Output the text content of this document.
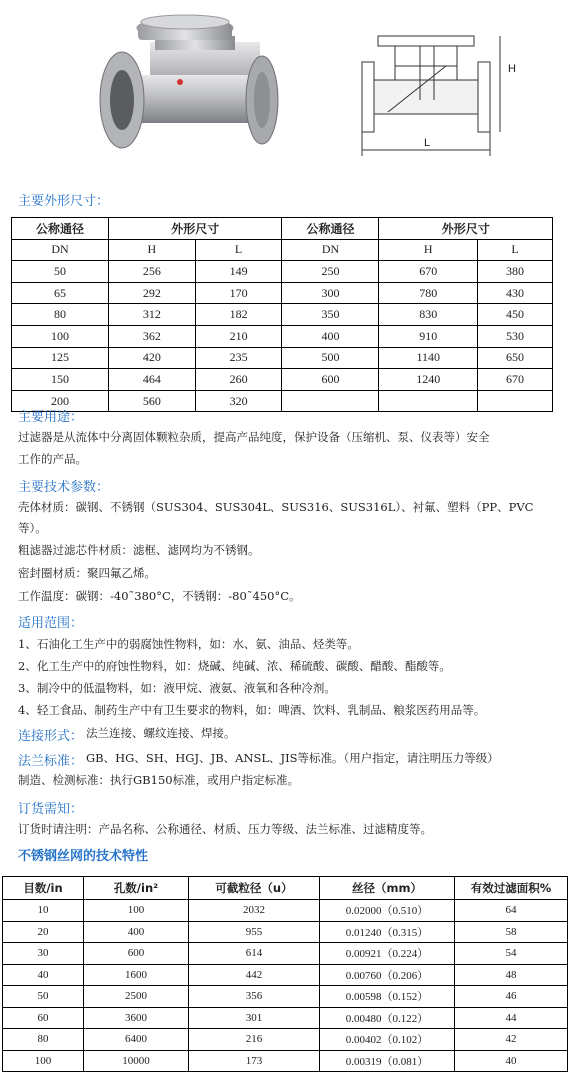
H
L
主要外形尺寸：
公称通径	外形尺寸		公称通径	外形尺寸	
DN	H	L	DN	H	L
50	256	149	250	670	380
65	292	170	300	780	430
80	312	182	350	830	450
100	362	210	400	910	530
125	420	235	500	1140	650
150	464	260	600	1240	670
200	560	320			
主要用途：
过滤器是从流体中分离固体颗粒杂质，提高产品纯度，保护设备（压缩机、泵、仪表等）安全
工作的产品。
主要技术参数：
壳体材质：碳钢、不锈钢（SUS304、SUS304L、SUS316、SUS316L）、衬氟、塑料（PP、PVC
等）。
粗滤器过滤芯件材质：滤框、滤网均为不锈钢。
密封圈材质：聚四氟乙烯。
工作温度：碳钢：-40˜380°C，不锈钢：-80˜450°C。
适用范围：
1、石油化工生产中的弱腐蚀性物料，如：水、氨、油品、烃类等。
2、化工生产中的府蚀性物料，如：烧碱、纯碱、浓、稀硫酸、碳酸、醋酸、酯酸等。
3、制冷中的低温物料，如：液甲烷、液氨、液氧和各种冷剂。
4、轻工食品、制药生产中有卫生要求的物料，如：啤酒、饮料、乳制品、粮浆医药用品等。
连接形式： 法兰连接、螺纹连接、焊接。
法兰标准： GB、HG、SH、HGJ、JB、ANSL、JIS等标准。（用户指定，请注明压力等级）
制造、检测标准：执行GB150标准，或用户指定标准。
订货需知：
订货时请注明：产品名称、公称通径、材质、压力等级、法兰标准、过滤精度等。
不锈钢丝网的技术特性
目数/in	孔数/in²	可截粒径（u）	丝径（mm）	有效过滤面积%
10	100	2032	0.02000（0.510）	64
20	400	955	0.01240（0.315）	58
30	600	614	0.00921（0.224）	54
40	1600	442	0.00760（0.206）	48
50	2500	356	0.00598（0.152）	46
60	3600	301	0.00480（0.122）	44
80	6400	216	0.00402（0.102）	42
100	10000	173	0.00319（0.081）	40
